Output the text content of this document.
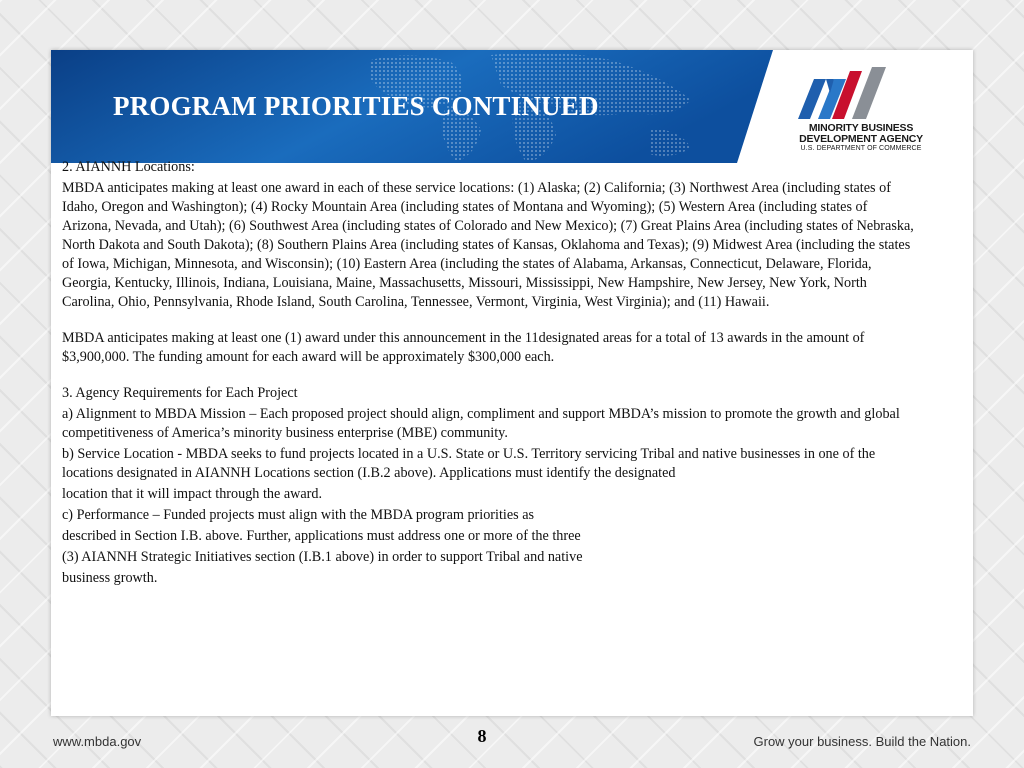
PROGRAM PRIORITIES CONTINUED
MINORITY BUSINESS
DEVELOPMENT AGENCY
U.S. DEPARTMENT OF COMMERCE

2. AIANNH Locations:

MBDA anticipates making at least one award in each of these service locations: (1) Alaska; (2) California; (3) Northwest Area (including states of Idaho, Oregon and Washington); (4) Rocky Mountain Area (including states of Montana and Wyoming); (5) Western Area (including states of Arizona, Nevada, and Utah); (6) Southwest Area (including states of Colorado and New Mexico); (7) Great Plains Area (including states of Nebraska, North Dakota and South Dakota); (8) Southern Plains Area (including states of Kansas, Oklahoma and Texas); (9) Midwest Area (including the states of Iowa, Michigan, Minnesota, and Wisconsin); (10) Eastern Area (including the states of Alabama, Arkansas, Connecticut, Delaware, Florida, Georgia, Kentucky, Illinois, Indiana, Louisiana, Maine, Massachusetts, Missouri, Mississippi, New Hampshire, New Jersey, New York, North Carolina, Ohio, Pennsylvania, Rhode Island, South Carolina, Tennessee, Vermont, Virginia, West Virginia); and (11) Hawaii.

MBDA anticipates making at least one (1) award under this announcement in the 11designated areas for a total of 13 awards in the amount of $3,900,000. The funding amount for each award will be approximately $300,000 each.

3. Agency Requirements for Each Project

a) Alignment to MBDA Mission – Each proposed project should align, compliment and support MBDA’s mission to promote the growth and global competitiveness of America’s minority business enterprise (MBE) community.

b) Service Location - MBDA seeks to fund projects located in a U.S. State or U.S. Territory servicing Tribal and native businesses in one of the locations designated in AIANNH Locations section (I.B.2 above). Applications must identify the designated

location that it will impact through the award.

c) Performance – Funded projects must align with the MBDA program priorities as

described in Section I.B. above. Further, applications must address one or more of the three

(3) AIANNH Strategic Initiatives section (I.B.1 above) in order to support Tribal and native

business growth.

www.mbda.gov	8	Grow your business. Build the Nation.
